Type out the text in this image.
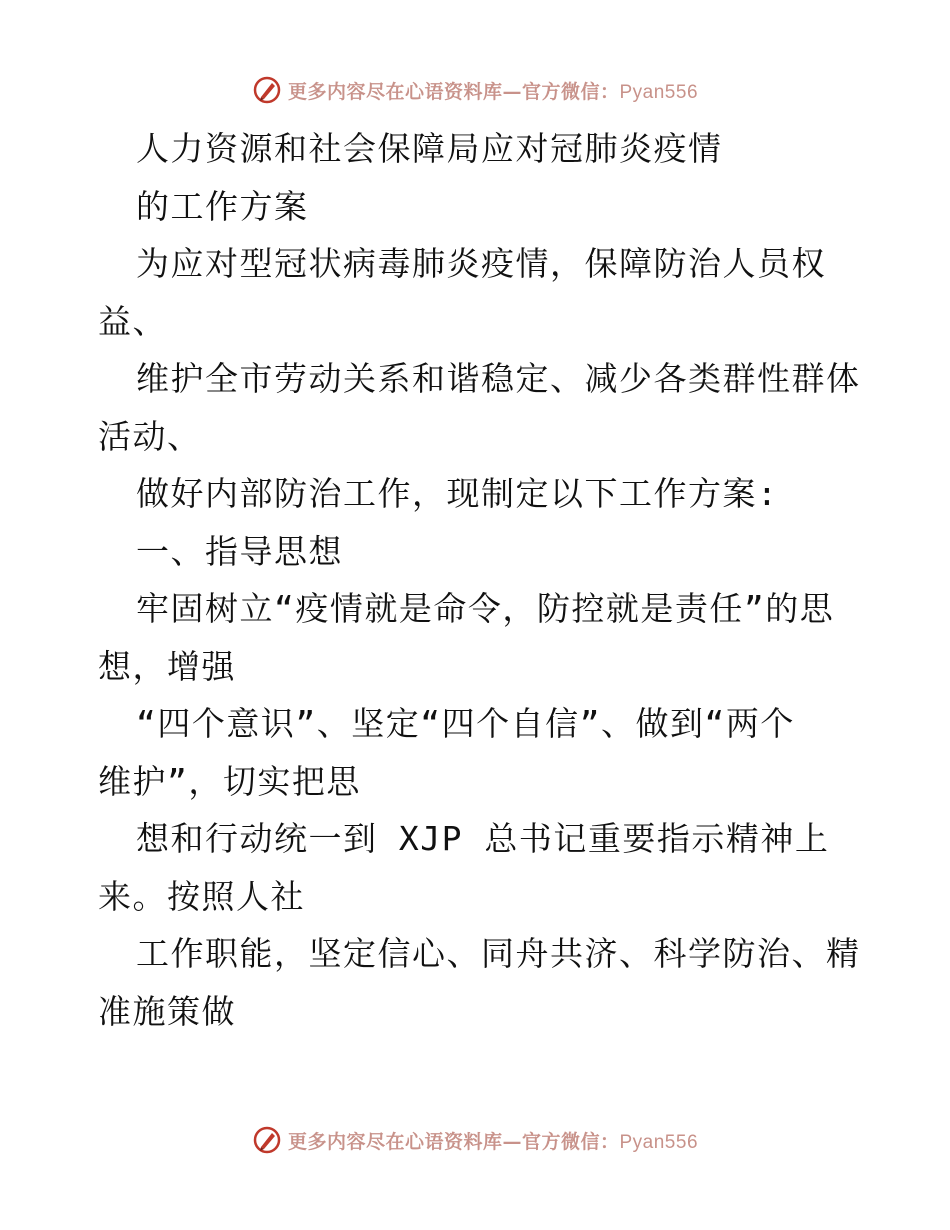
更多内容尽在心语资料库—官方微信：Pyan556
人力资源和社会保障局应对冠肺炎疫情
的工作方案
为应对型冠状病毒肺炎疫情，保障防治人员权
益、
维护全市劳动关系和谐稳定、减少各类群性群体
活动、
做好内部防治工作，现制定以下工作方案:
一、指导思想
牢固树立“疫情就是命令，防控就是责任”的思
想，增强
“四个意识”、坚定“四个自信”、做到“两个
维护”，切实把思
想和行动统一到 XJP 总书记重要指示精神上
来。按照人社
工作职能，坚定信心、同舟共济、科学防治、精
准施策做
更多内容尽在心语资料库—官方微信：Pyan556
